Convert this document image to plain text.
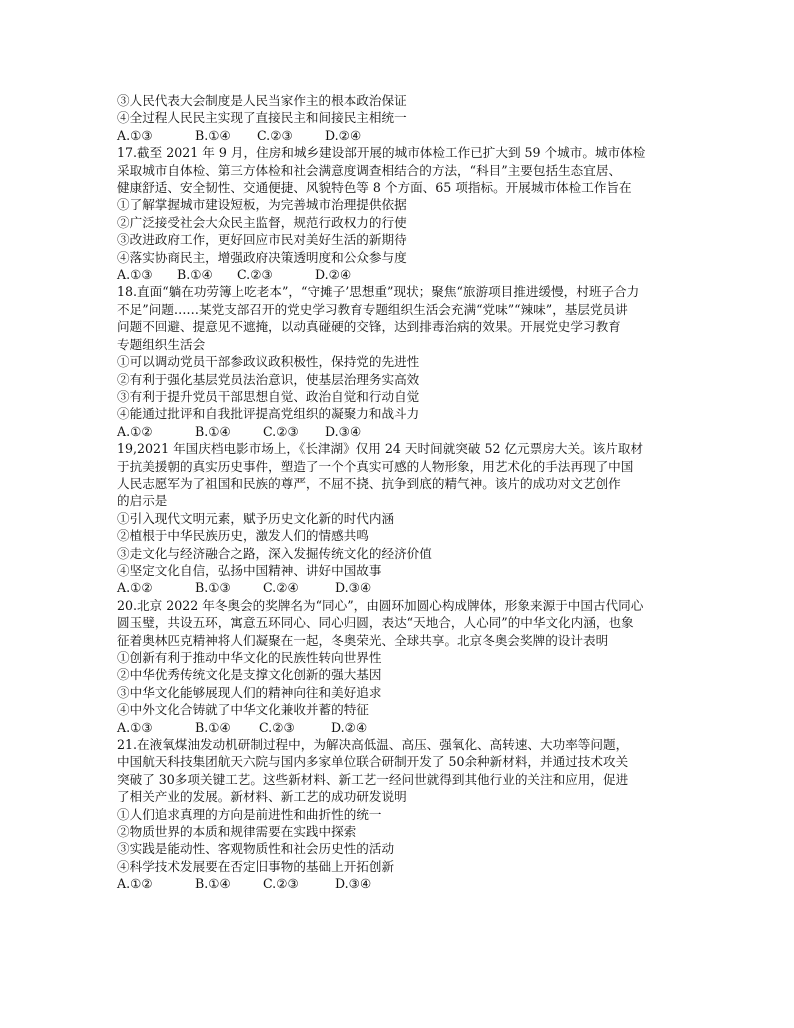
③人民代表大会制度是人民当家作主的根本政治保证
④全过程人民民主实现了直接民主和间接民主相统一
A.①③	B.①④	C.②③	D.②④
17.截至 2021 年 9 月，住房和城乡建设部开展的城市体检工作已扩大到 59 个城市。城市体检
采取城市自体检、第三方体检和社会满意度调查相结合的方法，“科目”主要包括生态宜居、
健康舒适、安全韧性、交通便捷、风貌特色等 8 个方面、65 项指标。开展城市体检工作旨在
①了解掌握城市建设短板，为完善城市治理提供依据
②广泛接受社会大众民主监督，规范行政权力的行使
③改进政府工作，更好回应市民对美好生活的新期待
④落实协商民主，增强政府决策透明度和公众参与度
A.①③	B.①④	C.②③	D.②④
18.直面“躺在功劳簿上吃老本”，“守摊子’思想重”现状；聚焦“旅游项目推进缓慢，村班子合力
不足”问题……某党支部召开的党史学习教育专题组织生活会充满“党味”“辣味”，基层党员讲
问题不回避、提意见不遮掩，以动真碰硬的交锋，达到排毒治病的效果。开展党史学习教育
专题组织生活会
①可以调动党员干部参政议政积极性，保持党的先进性
②有利于强化基层党员法治意识，使基层治理务实高效
③有利于提升党员干部思想自觉、政治自觉和行动自觉
④能通过批评和自我批评提高党组织的凝聚力和战斗力
A.①②	B.①④	C.②③	D.③④
19,2021 年国庆档电影市场上，《长津湖》仅用 24 天时间就突破 52 亿元票房大关。该片取材
于抗美援朝的真实历史事件，塑造了一个个真实可感的人物形象，用艺术化的手法再现了中国
人民志愿军为了祖国和民族的尊严，不屈不挠、抗争到底的精气神。该片的成功对文艺创作
的启示是
①引入现代文明元素，赋予历史文化新的时代内涵
②植根于中华民族历史，激发人们的情感共鸣
③走文化与经济融合之路，深入发掘传统文化的经济价值
④坚定文化自信，弘扬中国精神、讲好中国故事
A.①②	B.①③	C.②④	D.③④
20.北京 2022 年冬奥会的奖牌名为“同心”，由圆环加圆心构成牌体，形象来源于中国古代同心
圆玉璧，共设五环，寓意五环同心、同心归圆，表达“天地合，人心同”的中华文化内涵，也象
征着奥林匹克精神将人们凝聚在一起，冬奥荣光、全球共享。北京冬奥会奖牌的设计表明
①创新有利于推动中华文化的民族性转向世界性
②中华优秀传统文化是支撑文化创新的强大基因
③中华文化能够展现人们的精神向往和美好追求
④中外文化合铸就了中华文化兼收并蓄的特征
A.①③	B.①④	C.②③	D.②④
21.在液氧煤油发动机研制过程中，为解决高低温、高压、强氧化、高转速、大功率等问题，
中国航天科技集团航天六院与国内多家单位联合研制开发了 50余种新材料，并通过技术攻关
突破了 30多项关键工艺。这些新材料、新工艺一经问世就得到其他行业的关注和应用，促进
了相关产业的发展。新材料、新工艺的成功研发说明
①人们追求真理的方向是前进性和曲折性的统一
②物质世界的本质和规律需要在实践中探索
③实践是能动性、客观物质性和社会历史性的活动
④科学技术发展要在否定旧事物的基础上开拓创新
A.①②	B.①④	C.②③	D.③④
